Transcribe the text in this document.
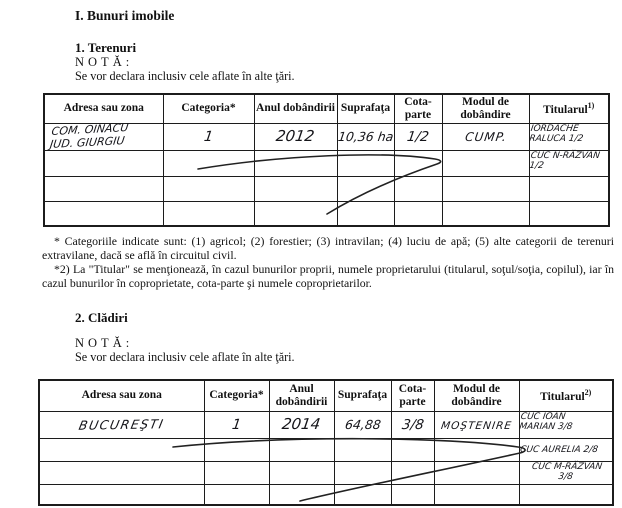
I. Bunuri imobile
1. Terenuri
NOTĂ:
Se vor declara inclusiv cele aflate în alte ţări.
Adresa sau zona	Categoria*	Anul dobândirii	Suprafaţa	Cota-parte	Modul de dobândire	Titularul$^{1)}$
COM. OINACU
JUD. GIURGIU	1	2012	10,36 ha	1/2	CUMP.	IORDACHE
RALUCA 1/2
						CUC N-RĂZVAN
1/2

* Categoriile indicate sunt: (1) agricol; (2) forestier; (3) intravilan; (4) luciu de apă; (5) alte categorii de terenuri extravilane, dacă se află în circuitul civil.

*2) La "Titular" se menţionează, în cazul bunurilor proprii, numele proprietarului (titularul, soţul/soţia, copilul), iar în cazul bunurilor în coproprietate, cota-parte şi numele coproprietarilor.

2. Clădiri
NOTĂ:
Se vor declara inclusiv cele aflate în alte ţări.
Adresa sau zona	Categoria*	Anul dobândirii	Suprafaţa	Cota-parte	Modul de dobândire	Titularul$^{2)}$
BUCUREŞTI	1	2014	64,88	3/8	MOŞTENIRE	CUC IOAN
MARIAN 3/8
						CUC AURELIA 2/8
						CUC M-RĂZVAN
3/8
